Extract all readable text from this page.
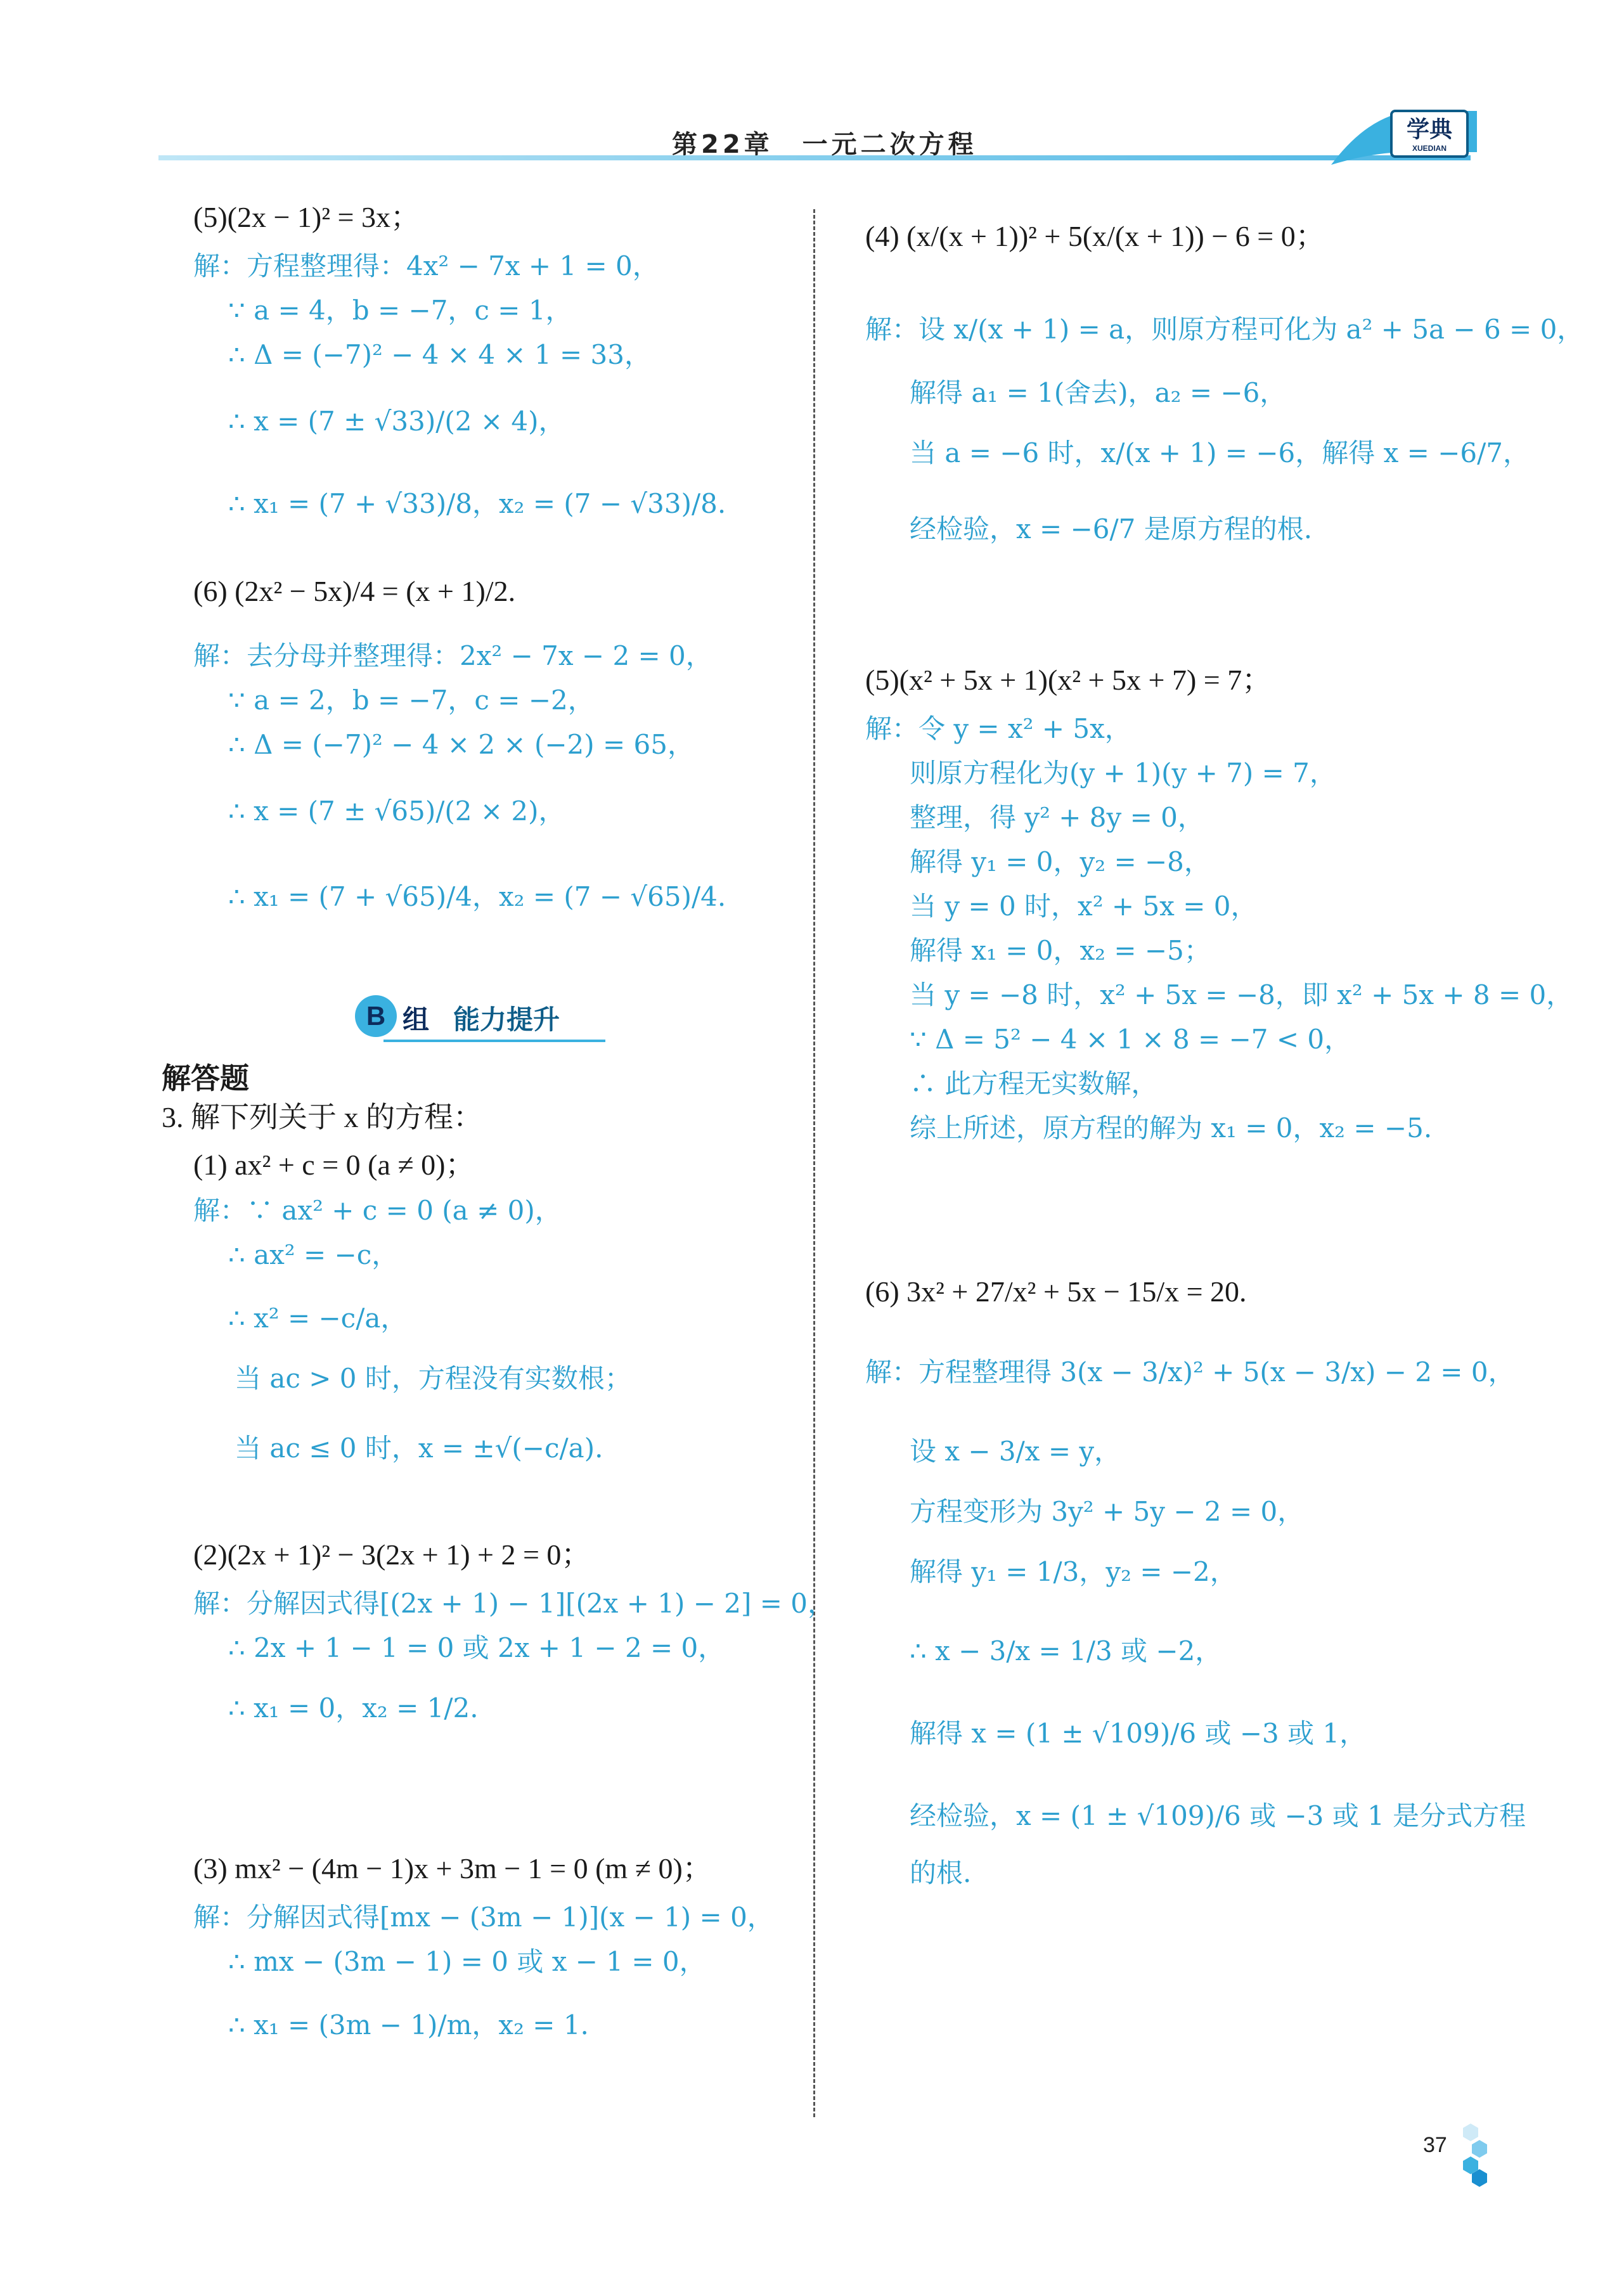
第22章　一元二次方程
学典
XUEDIAN
B 组 能力提升
(5)(2x − 1)² = 3x；
解：方程整理得：4x² − 7x + 1 = 0，
∵ a = 4，b = −7，c = 1，
∴ Δ = (−7)² − 4 × 4 × 1 = 33，
∴ x = (7 ± √33)/(2 × 4)，
∴ x₁ = (7 + √33)/8，x₂ = (7 − √33)/8.
(6) (2x² − 5x)/4 = (x + 1)/2.
解：去分母并整理得：2x² − 7x − 2 = 0，
∵ a = 2，b = −7，c = −2，
∴ Δ = (−7)² − 4 × 2 × (−2) = 65，
∴ x = (7 ± √65)/(2 × 2)，
∴ x₁ = (7 + √65)/4，x₂ = (7 − √65)/4.
解答题
3. 解下列关于 x 的方程：
(1) ax² + c = 0 (a ≠ 0)；
解：∵ ax² + c = 0 (a ≠ 0)，
∴ ax² = −c，
∴ x² = −c/a，
当 ac > 0 时，方程没有实数根；
当 ac ≤ 0 时，x = ±√(−c/a).
(2)(2x + 1)² − 3(2x + 1) + 2 = 0；
解：分解因式得[(2x + 1) − 1][(2x + 1) − 2] = 0，
∴ 2x + 1 − 1 = 0 或 2x + 1 − 2 = 0，
∴ x₁ = 0，x₂ = 1/2.
(3) mx² − (4m − 1)x + 3m − 1 = 0 (m ≠ 0)；
解：分解因式得[mx − (3m − 1)](x − 1) = 0，
∴ mx − (3m − 1) = 0 或 x − 1 = 0，
∴ x₁ = (3m − 1)/m，x₂ = 1.
(4) (x/(x + 1))² + 5(x/(x + 1)) − 6 = 0；
解：设 x/(x + 1) = a，则原方程可化为 a² + 5a − 6 = 0，
解得 a₁ = 1(舍去)，a₂ = −6，
当 a = −6 时，x/(x + 1) = −6，解得 x = −6/7，
经检验，x = −6/7 是原方程的根.
(5)(x² + 5x + 1)(x² + 5x + 7) = 7；
解：令 y = x² + 5x，
则原方程化为(y + 1)(y + 7) = 7，
整理，得 y² + 8y = 0，
解得 y₁ = 0，y₂ = −8，
当 y = 0 时，x² + 5x = 0，
解得 x₁ = 0，x₂ = −5；
当 y = −8 时，x² + 5x = −8，即 x² + 5x + 8 = 0，
∵ Δ = 5² − 4 × 1 × 8 = −7 < 0，
∴ 此方程无实数解，
综上所述，原方程的解为 x₁ = 0，x₂ = −5.
(6) 3x² + 27/x² + 5x − 15/x = 20.
解：方程整理得 3(x − 3/x)² + 5(x − 3/x) − 2 = 0，
设 x − 3/x = y，
方程变形为 3y² + 5y − 2 = 0，
解得 y₁ = 1/3，y₂ = −2，
∴ x − 3/x = 1/3 或 −2，
解得 x = (1 ± √109)/6 或 −3 或 1，
经检验，x = (1 ± √109)/6 或 −3 或 1 是分式方程
的根.
37
